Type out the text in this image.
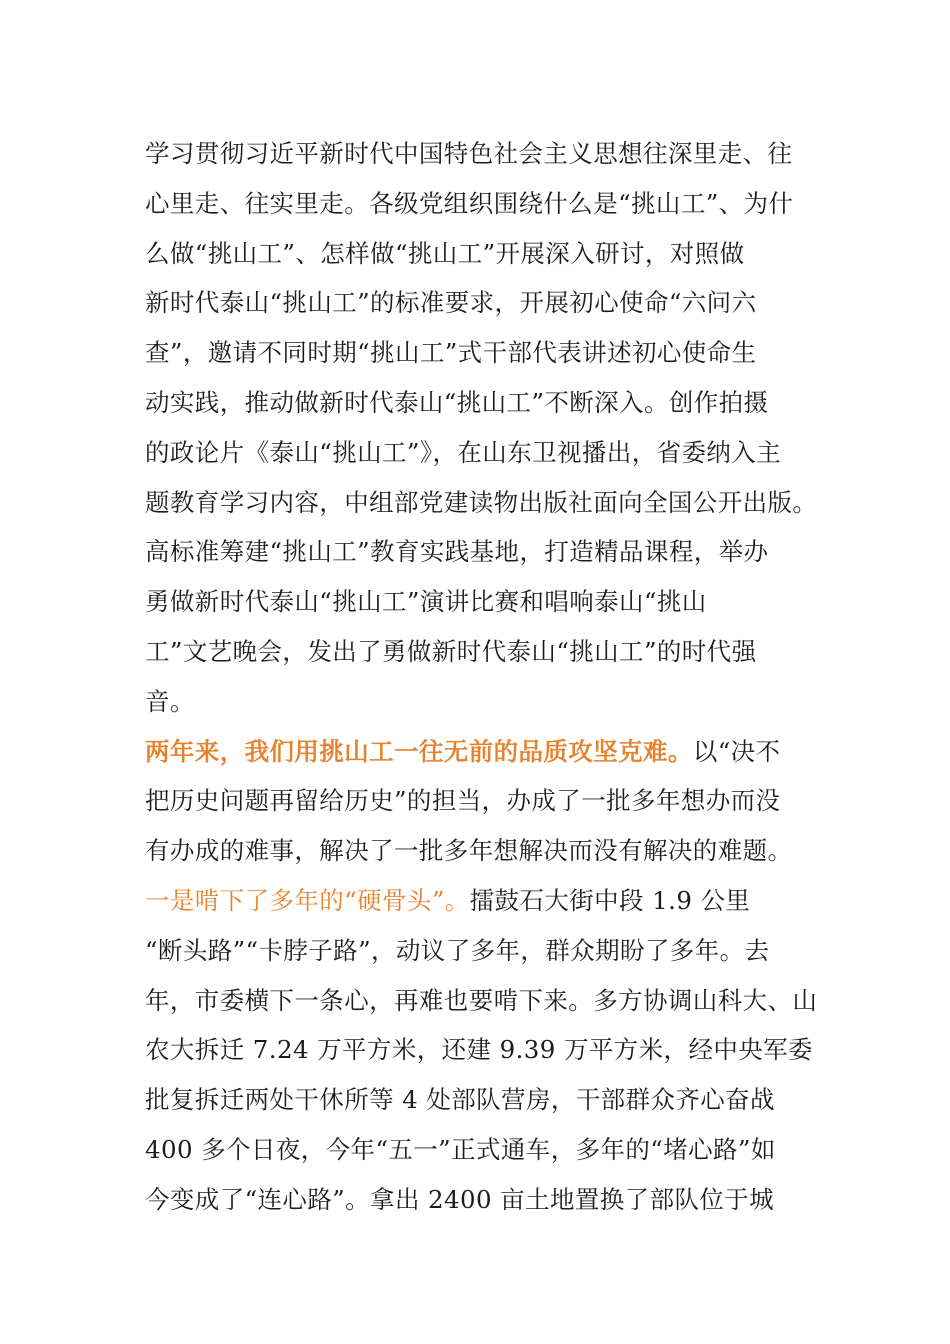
学习贯彻习近平新时代中国特色社会主义思想往深里走、往
心里走、往实里走。各级党组织围绕什么是“挑山工”、为什
么做“挑山工”、怎样做“挑山工”开展深入研讨，对照做
新时代泰山“挑山工”的标准要求，开展初心使命“六问六
查”，邀请不同时期“挑山工”式干部代表讲述初心使命生
动实践，推动做新时代泰山“挑山工”不断深入。创作拍摄
的政论片《泰山“挑山工”》，在山东卫视播出，省委纳入主
题教育学习内容，中组部党建读物出版社面向全国公开出版。
高标准筹建“挑山工”教育实践基地，打造精品课程，举办
勇做新时代泰山“挑山工”演讲比赛和唱响泰山“挑山
工”文艺晚会，发出了勇做新时代泰山“挑山工”的时代强
音。
两年来，我们用挑山工一往无前的品质攻坚克难。以“决不
把历史问题再留给历史”的担当，办成了一批多年想办而没
有办成的难事，解决了一批多年想解决而没有解决的难题。
一是啃下了多年的“硬骨头”。擂鼓石大街中段 1.9 公里
“断头路”“卡脖子路”，动议了多年，群众期盼了多年。去
年，市委横下一条心，再难也要啃下来。多方协调山科大、山
农大拆迁 7.24 万平方米，还建 9.39 万平方米，经中央军委
批复拆迁两处干休所等 4 处部队营房，干部群众齐心奋战
400 多个日夜，今年“五一”正式通车，多年的“堵心路”如
今变成了“连心路”。拿出 2400 亩土地置换了部队位于城
